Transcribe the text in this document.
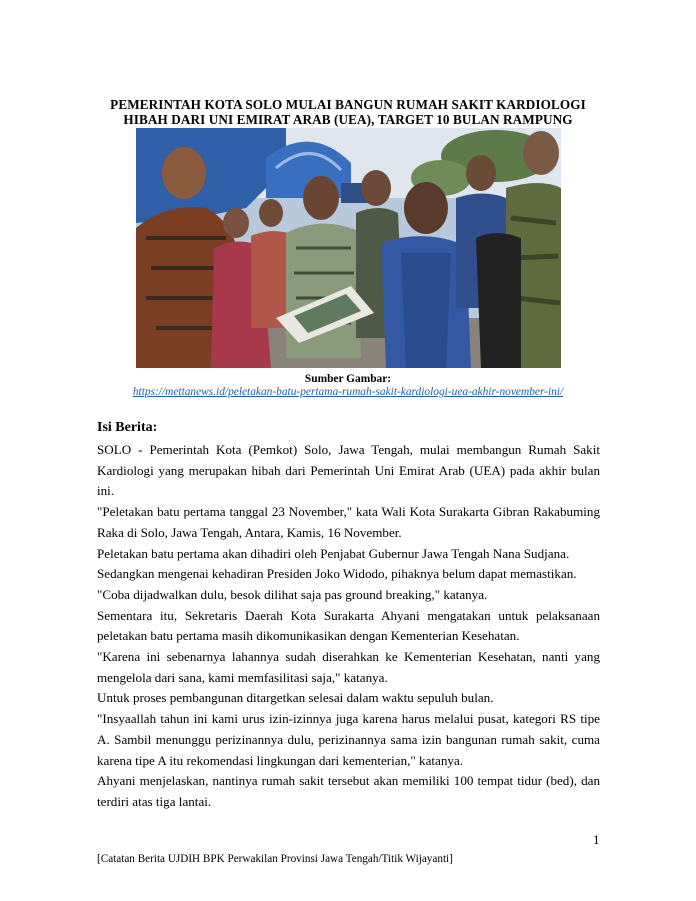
PEMERINTAH KOTA SOLO MULAI BANGUN RUMAH SAKIT KARDIOLOGI
HIBAH DARI UNI EMIRAT ARAB (UEA), TARGET 10 BULAN RAMPUNG
Sumber Gambar:
https://mettanews.id/peletakan-batu-pertama-rumah-sakit-kardiologi-uea-akhir-november-ini/
Isi Berita:

SOLO - Pemerintah Kota (Pemkot) Solo, Jawa Tengah, mulai membangun Rumah Sakit Kardiologi yang merupakan hibah dari Pemerintah Uni Emirat Arab (UEA) pada akhir bulan ini.

"Peletakan batu pertama tanggal 23 November," kata Wali Kota Surakarta Gibran Rakabuming Raka di Solo, Jawa Tengah, Antara, Kamis, 16 November.

Peletakan batu pertama akan dihadiri oleh Penjabat Gubernur Jawa Tengah Nana Sudjana.

Sedangkan mengenai kehadiran Presiden Joko Widodo, pihaknya belum dapat memastikan.

"Coba dijadwalkan dulu, besok dilihat saja pas ground breaking," katanya.

Sementara itu, Sekretaris Daerah Kota Surakarta Ahyani mengatakan untuk pelaksanaan peletakan batu pertama masih dikomunikasikan dengan Kementerian Kesehatan.

"Karena ini sebenarnya lahannya sudah diserahkan ke Kementerian Kesehatan, nanti yang mengelola dari sana, kami memfasilitasi saja," katanya.

Untuk proses pembangunan ditargetkan selesai dalam waktu sepuluh bulan.

"Insyaallah tahun ini kami urus izin-izinnya juga karena harus melalui pusat, kategori RS tipe A. Sambil menunggu perizinannya dulu, perizinannya sama izin bangunan rumah sakit, cuma karena tipe A itu rekomendasi lingkungan dari kementerian," katanya.

Ahyani menjelaskan, nantinya rumah sakit tersebut akan memiliki 100 tempat tidur (bed), dan terdiri atas tiga lantai.

1
[Catatan Berita UJDIH BPK Perwakilan Provinsi Jawa Tengah/Titik Wijayanti]
